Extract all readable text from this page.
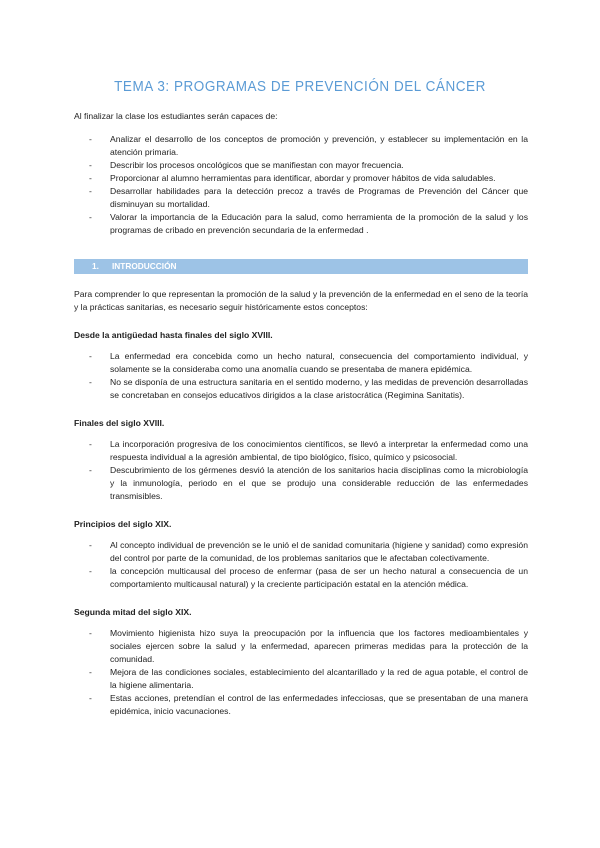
TEMA 3: PROGRAMAS DE PREVENCIÓN DEL CÁNCER

Al finalizar la clase los estudiantes serán capaces de:

- Analizar el desarrollo de los conceptos de promoción y prevención, y establecer su implementación en la atención primaria.
- Describir los procesos oncológicos que se manifiestan con mayor frecuencia.
- Proporcionar al alumno herramientas para identificar, abordar y promover hábitos de vida saludables.
- Desarrollar habilidades para la detección precoz a través de Programas de Prevención del Cáncer que disminuyan su mortalidad.
- Valorar la importancia de la Educación para la salud, como herramienta de la promoción de la salud y los programas de cribado en prevención secundaria de la enfermedad .
1. INTRODUCCIÓN

Para comprender lo que representan la promoción de la salud y la prevención de la enfermedad en el seno de la teoría y la prácticas sanitarias, es necesario seguir históricamente estos conceptos:

Desde la antigüedad hasta finales del siglo XVIII.

- La enfermedad era concebida como un hecho natural, consecuencia del comportamiento individual, y solamente se la consideraba como una anomalía cuando se presentaba de manera epidémica.
- No se disponía de una estructura sanitaria en el sentido moderno, y las medidas de prevención desarrolladas se concretaban en consejos educativos dirigidos a la clase aristocrática (Regimina Sanitatis).

Finales del siglo XVIII.

- La incorporación progresiva de los conocimientos científicos, se llevó a interpretar la enfermedad como una respuesta individual a la agresión ambiental, de tipo biológico, físico, químico y psicosocial.
- Descubrimiento de los gérmenes desvió la atención de los sanitarios hacia disciplinas como la microbiología y la inmunología, periodo en el que se produjo una considerable reducción de las enfermedades transmisibles.

Principios del siglo XIX.

- Al concepto individual de prevención se le unió el de sanidad comunitaria (higiene y sanidad) como expresión del control por parte de la comunidad, de los problemas sanitarios que le afectaban colectivamente.
- la concepción multicausal del proceso de enfermar (pasa de ser un hecho natural a consecuencia de un comportamiento multicausal natural) y la creciente participación estatal en la atención médica.

Segunda mitad del siglo XIX.

- Movimiento higienista hizo suya la preocupación por la influencia que los factores medioambientales y sociales ejercen sobre la salud y la enfermedad, aparecen primeras medidas para la protección de la comunidad.
- Mejora de las condiciones sociales, establecimiento del alcantarillado y la red de agua potable, el control de la higiene alimentaria.
- Estas acciones, pretendían el control de las enfermedades infecciosas, que se presentaban de una manera epidémica, inicio vacunaciones.
